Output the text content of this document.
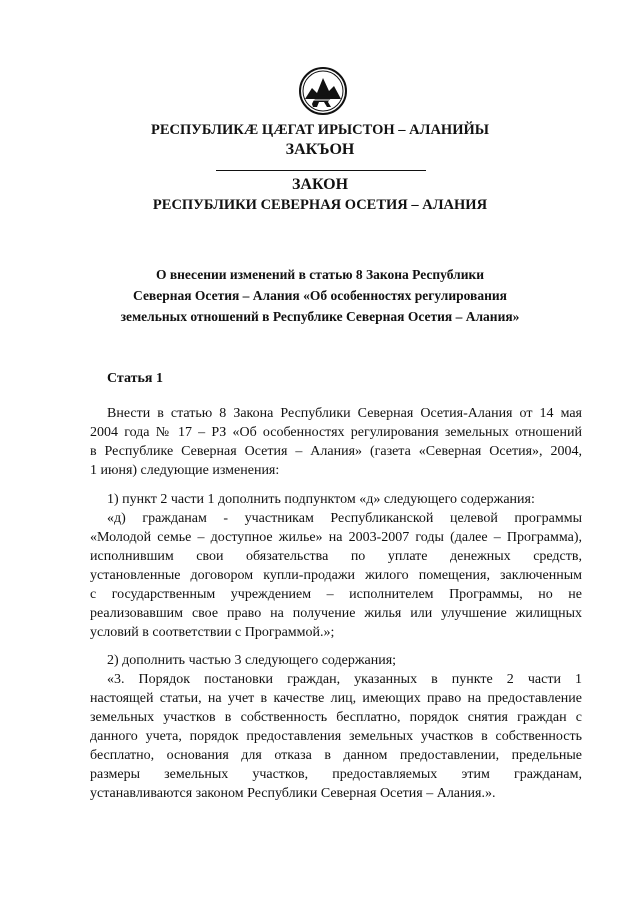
РЕСПУБЛИКӔ ЦӔГАТ ИРЫСТОН – АЛАНИЙЫ
ЗАКЪОН
ЗАКОН
РЕСПУБЛИКИ СЕВЕРНАЯ ОСЕТИЯ – АЛАНИЯ
О внесении изменений в статью 8 Закона Республики
Северная Осетия – Алания «Об особенностях регулирования
земельных отношений в Республике Северная Осетия – Алания»
Статья 1
Внести в статью 8 Закона Республики Северная Осетия-Алания от 14 мая
2004 года № 17 – РЗ «Об особенностях регулирования земельных отношений
в Республике Северная Осетия – Алания» (газета «Северная Осетия», 2004,
1 июня) следующие изменения:
1) пункт 2 части 1 дополнить подпунктом «д» следующего содержания:
«д) гражданам - участникам Республиканской целевой программы
«Молодой семье – доступное жилье» на 2003-2007 годы (далее – Программа),
исполнившим свои обязательства по уплате денежных средств,
установленные договором купли-продажи жилого помещения, заключенным
с государственным учреждением – исполнителем Программы, но не
реализовавшим свое право на получение жилья или улучшение жилищных
условий в соответствии с Программой.»;
2) дополнить частью 3 следующего содержания;
«3. Порядок постановки граждан, указанных в пункте 2 части 1
настоящей статьи, на учет в качестве лиц, имеющих право на предоставление
земельных участков в собственность бесплатно, порядок снятия граждан с
данного учета, порядок предоставления земельных участков в собственность
бесплатно, основания для отказа в данном предоставлении, предельные
размеры земельных участков, предоставляемых этим гражданам,
устанавливаются законом Республики Северная Осетия – Алания.».
